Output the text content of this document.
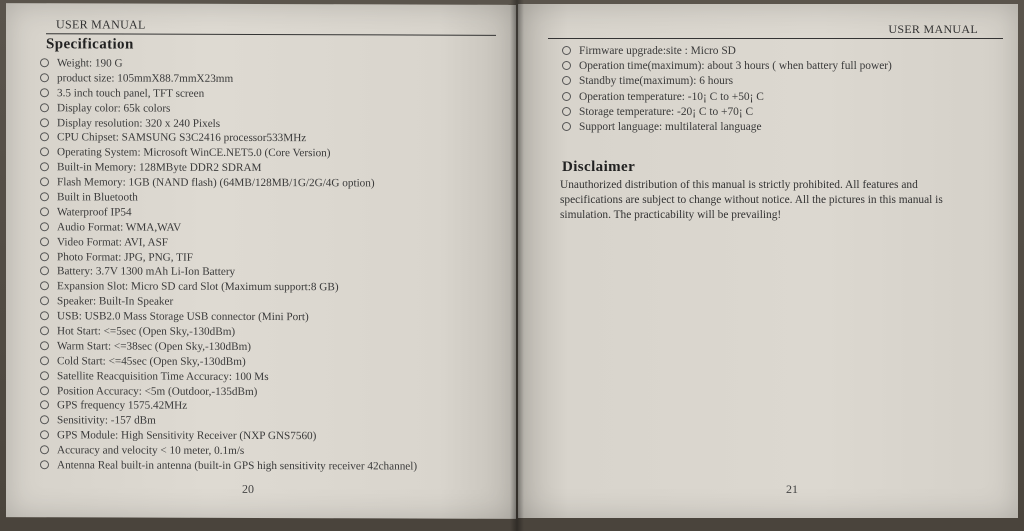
USER MANUAL
Specification
Weight: 190 G
product size: 105mmX88.7mmX23mm
3.5 inch touch panel, TFT screen
Display color: 65k colors
Display resolution: 320 x 240 Pixels
CPU Chipset: SAMSUNG S3C2416 processor533MHz
Operating System: Microsoft WinCE.NET5.0 (Core Version)
Built-in Memory: 128MByte DDR2 SDRAM
Flash Memory: 1GB (NAND flash) (64MB/128MB/1G/2G/4G option)
Built in Bluetooth
Waterproof IP54
Audio Format: WMA,WAV
Video Format: AVI, ASF
Photo Format: JPG, PNG, TIF
Battery: 3.7V 1300 mAh Li-Ion Battery
Expansion Slot: Micro SD card Slot (Maximum support:8 GB)
Speaker: Built-In Speaker
USB: USB2.0 Mass Storage USB connector (Mini Port)
Hot Start: <=5sec (Open Sky,-130dBm)
Warm Start: <=38sec (Open Sky,-130dBm)
Cold Start: <=45sec (Open Sky,-130dBm)
Satellite Reacquisition Time Accuracy: 100 Ms
Position Accuracy: <5m (Outdoor,-135dBm)
GPS frequency 1575.42MHz
Sensitivity: -157 dBm
GPS Module: High Sensitivity Receiver (NXP GNS7560)
Accuracy and velocity < 10 meter, 0.1m/s
Antenna Real built-in antenna (built-in GPS high sensitivity receiver 42channel)
20
USER MANUAL
Firmware upgrade:site : Micro SD
Operation time(maximum): about 3 hours ( when battery full power)
Standby time(maximum): 6 hours
Operation temperature: -10¡ C to +50¡ C
Storage temperature: -20¡ C to +70¡ C
Support language: multilateral language
Disclaimer
Unauthorized distribution of this manual is strictly prohibited. All features and specifications are subject to change without notice. All the pictures in this manual is simulation. The practicability will be prevailing!
21
